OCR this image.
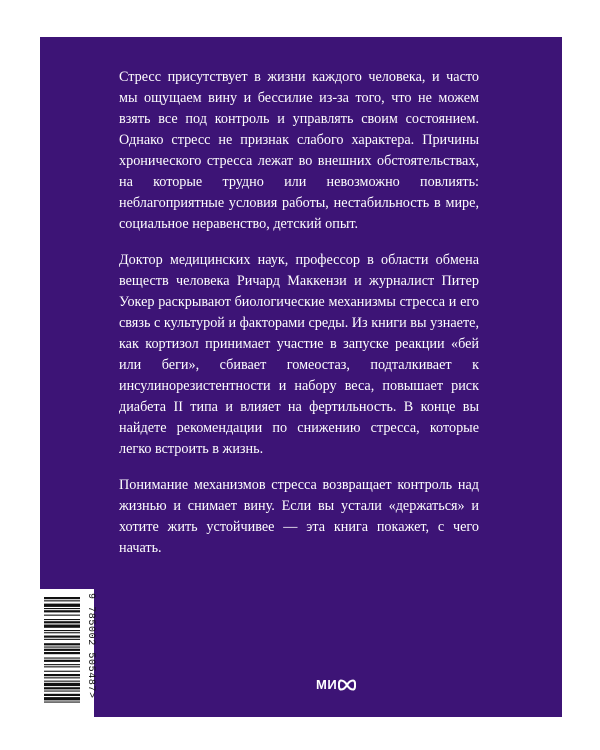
Стресс присутствует в жизни каждого человека, и часто мы ощущаем вину и бессилие из-за того, что не можем взять все под контроль и управлять своим состоянием. Однако стресс не признак слабого характера. Причины хронического стресса лежат во внешних обстоятельствах, на которые трудно или невозможно повлиять: неблагоприятные условия работы, нестабильность в мире, социальное неравенство, детский опыт.

Доктор медицинских наук, профессор в области обмена веществ человека Ричард Маккензи и журналист Питер Уокер раскрывают биологические механизмы стресса и его связь с культурой и факторами среды. Из книги вы узнаете, как кортизол принимает участие в запуске реакции «бей или беги», сбивает гомеостаз, подталкивает к инсулинорезистентности и набору веса, повышает риск диабета II типа и влияет на фертильность. В конце вы найдете рекомендации по снижению стресса, которые легко встроить в жизнь.

Понимание механизмов стресса возвращает контроль над жизнью и снимает вину. Если вы устали «держаться» и хотите жить устойчивее — эта книга покажет, с чего начать.

9 785002 505487>
МИ
